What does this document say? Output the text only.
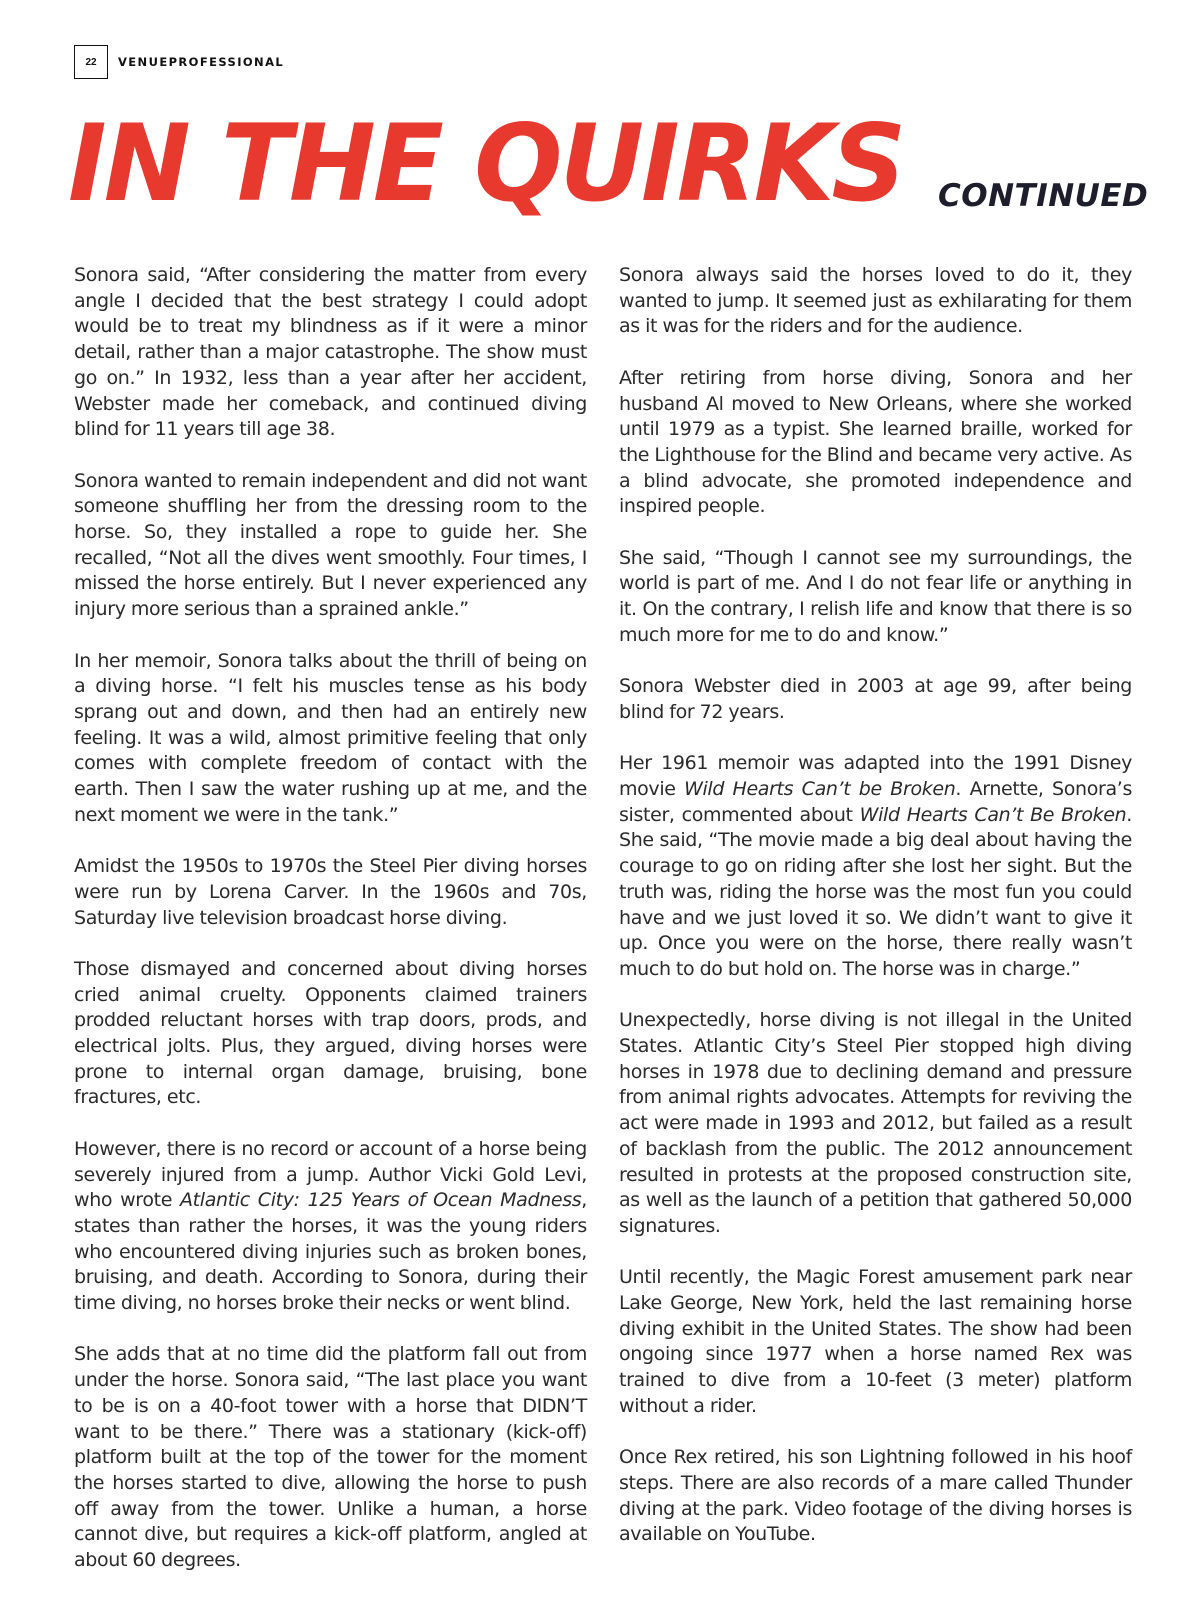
22	VENUEPROFESSIONAL
IN THE QUIRKS CONTINUED

Sonora said, “After considering the matter from every angle I decided that the best strategy I could adopt would be to treat my blindness as if it were a minor detail, rather than a major catastrophe. The show must go on.” In 1932, less than a year after her accident, Webster made her comeback, and continued diving blind for 11 years till age 38.

Sonora wanted to remain independent and did not want someone shuffling her from the dressing room to the horse. So, they installed a rope to guide her. She recalled, “Not all the dives went smoothly. Four times, I missed the horse entirely. But I never experienced any injury more serious than a sprained ankle.”

In her memoir, Sonora talks about the thrill of being on a diving horse. “I felt his muscles tense as his body sprang out and down, and then had an entirely new feeling. It was a wild, almost primitive feeling that only comes with complete freedom of contact with the earth. Then I saw the water rushing up at me, and the next moment we were in the tank.”

Amidst the 1950s to 1970s the Steel Pier diving horses were run by Lorena Carver. In the 1960s and 70s, Saturday live television broadcast horse diving.

Those dismayed and concerned about diving horses cried animal cruelty. Opponents claimed trainers prodded reluctant horses with trap doors, prods, and electrical jolts. Plus, they argued, diving horses were prone to internal organ damage, bruising, bone fractures, etc.

However, there is no record or account of a horse being severely injured from a jump. Author Vicki Gold Levi, who wrote Atlantic City: 125 Years of Ocean Madness, states than rather the horses, it was the young riders who encountered diving injuries such as broken bones, bruising, and death. According to Sonora, during their time diving, no horses broke their necks or went blind.

She adds that at no time did the platform fall out from under the horse. Sonora said, “The last place you want to be is on a 40-foot tower with a horse that DIDN’T want to be there.” There was a stationary (kick-off) platform built at the top of the tower for the moment the horses started to dive, allowing the horse to push off away from the tower. Unlike a human, a horse cannot dive, but requires a kick-off platform, angled at about 60 degrees.

Sonora always said the horses loved to do it, they wanted to jump. It seemed just as exhilarating for them as it was for the riders and for the audience.

After retiring from horse diving, Sonora and her husband Al moved to New Orleans, where she worked until 1979 as a typist. She learned braille, worked for the Lighthouse for the Blind and became very active. As a blind advocate, she promoted independence and inspired people.

She said, “Though I cannot see my surroundings, the world is part of me. And I do not fear life or anything in it. On the contrary, I relish life and know that there is so much more for me to do and know.”

Sonora Webster died in 2003 at age 99, after being blind for 72 years.

Her 1961 memoir was adapted into the 1991 Disney movie Wild Hearts Can’t be Broken. Arnette, Sonora’s sister, commented about Wild Hearts Can’t Be Broken. She said, “The movie made a big deal about having the courage to go on riding after she lost her sight. But the truth was, riding the horse was the most fun you could have and we just loved it so. We didn’t want to give it up. Once you were on the horse, there really wasn’t much to do but hold on. The horse was in charge.”

Unexpectedly, horse diving is not illegal in the United States. Atlantic City’s Steel Pier stopped high diving horses in 1978 due to declining demand and pressure from animal rights advocates. Attempts for reviving the act were made in 1993 and 2012, but failed as a result of backlash from the public. The 2012 announcement resulted in protests at the proposed construction site, as well as the launch of a petition that gathered 50,000 signatures.

Until recently, the Magic Forest amusement park near Lake George, New York, held the last remaining horse diving exhibit in the United States. The show had been ongoing since 1977 when a horse named Rex was trained to dive from a 10-feet (3 meter) platform without a rider.

Once Rex retired, his son Lightning followed in his hoof steps. There are also records of a mare called Thunder diving at the park. Video footage of the diving horses is available on YouTube.
